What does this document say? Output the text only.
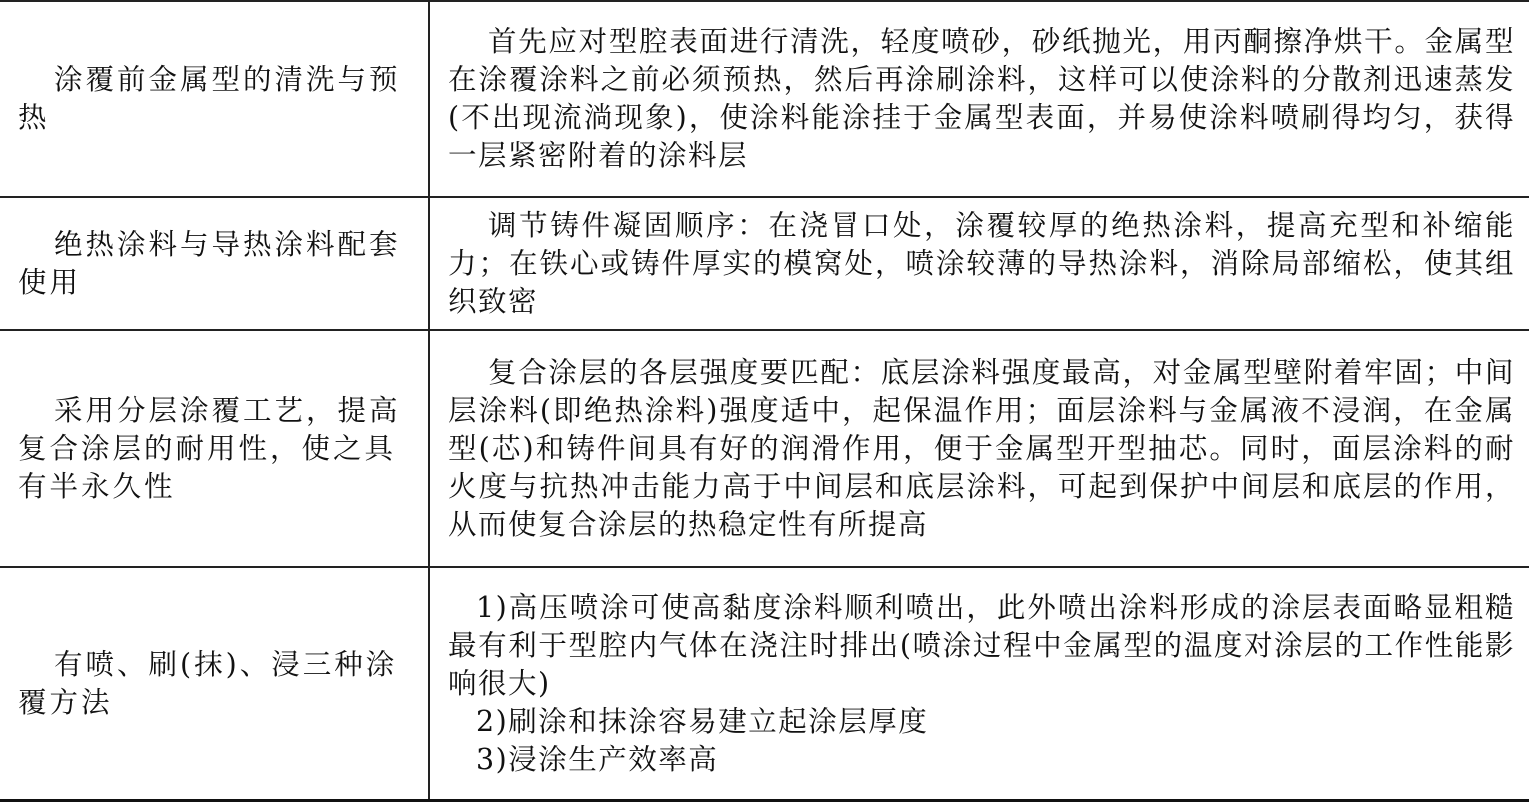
涂覆前金属型的清洗与预热	首先应对型腔表面进行清洗，轻度喷砂，砂纸抛光，用丙酮擦净烘干。金属型在涂覆涂料之前必须预热，然后再涂刷涂料，这样可以使涂料的分散剂迅速蒸发(不出现流淌现象)，使涂料能涂挂于金属型表面，并易使涂料喷刷得均匀，获得一层紧密附着的涂料层

绝热涂料与导热涂料配套使用	调节铸件凝固顺序：在浇冒口处，涂覆较厚的绝热涂料，提高充型和补缩能力；在铁心或铸件厚实的模窝处，喷涂较薄的导热涂料，消除局部缩松，使其组织致密

采用分层涂覆工艺，提高复合涂层的耐用性，使之具有半永久性	复合涂层的各层强度要匹配：底层涂料强度最高，对金属型壁附着牢固；中间层涂料(即绝热涂料)强度适中，起保温作用；面层涂料与金属液不浸润，在金属型(芯)和铸件间具有好的润滑作用，便于金属型开型抽芯。同时，面层涂料的耐火度与抗热冲击能力高于中间层和底层涂料，可起到保护中间层和底层的作用，从而使复合涂层的热稳定性有所提高

有喷、刷(抹)、浸三种涂覆方法	1)高压喷涂可使高黏度涂料顺利喷出，此外喷出涂料形成的涂层表面略显粗糙最有利于型腔内气体在浇注时排出(喷涂过程中金属型的温度对涂层的工作性能影响很大)
2)刷涂和抹涂容易建立起涂层厚度
3)浸涂生产效率高
